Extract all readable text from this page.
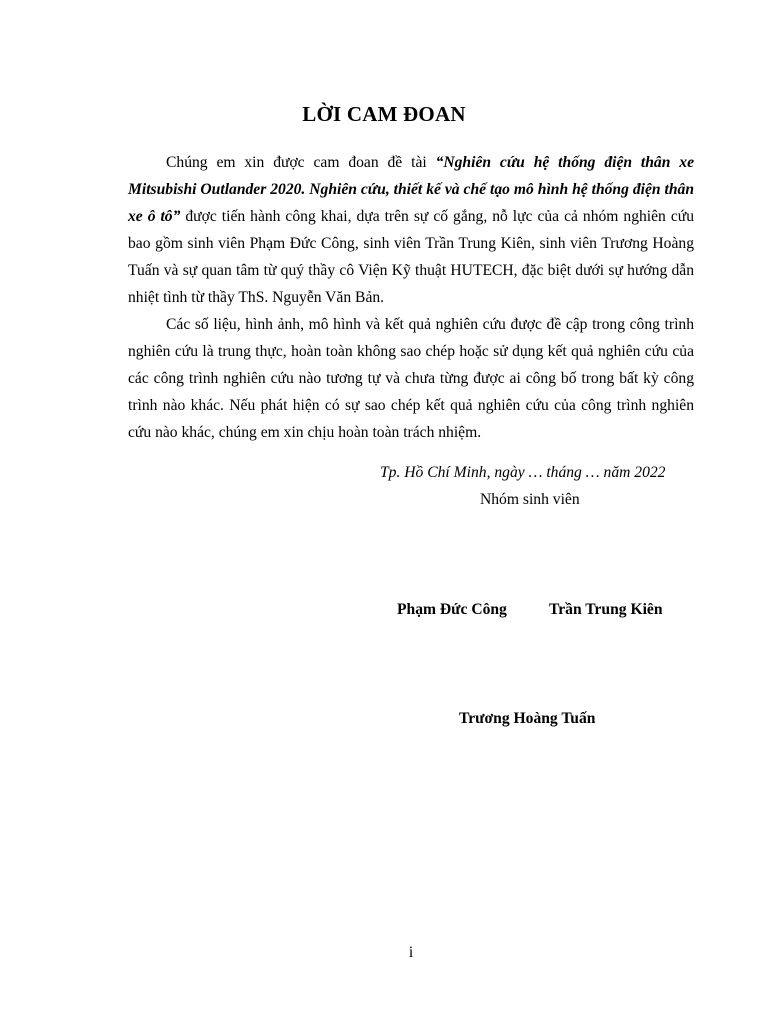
LỜI CAM ĐOAN

Chúng em xin được cam đoan đề tài “Nghiên cứu hệ thống điện thân xe Mitsubishi Outlander 2020. Nghiên cứu, thiết kế và chế tạo mô hình hệ thống điện thân xe ô tô” được tiến hành công khai, dựa trên sự cố gắng, nỗ lực của cả nhóm nghiên cứu bao gồm sinh viên Phạm Đức Công, sinh viên Trần Trung Kiên, sinh viên Trương Hoàng Tuấn và sự quan tâm từ quý thầy cô Viện Kỹ thuật HUTECH, đặc biệt dưới sự hướng dẫn nhiệt tình từ thầy ThS. Nguyễn Văn Bản.

Các số liệu, hình ảnh, mô hình và kết quả nghiên cứu được đề cập trong công trình nghiên cứu là trung thực, hoàn toàn không sao chép hoặc sử dụng kết quả nghiên cứu của các công trình nghiên cứu nào tương tự và chưa từng được ai công bố trong bất kỳ công trình nào khác. Nếu phát hiện có sự sao chép kết quả nghiên cứu của công trình nghiên cứu nào khác, chúng em xin chịu hoàn toàn trách nhiệm.

Tp. Hồ Chí Minh, ngày … tháng … năm 2022
Nhóm sinh viên
Phạm Đức Công	Trần Trung Kiên
Trương Hoàng Tuấn
i
